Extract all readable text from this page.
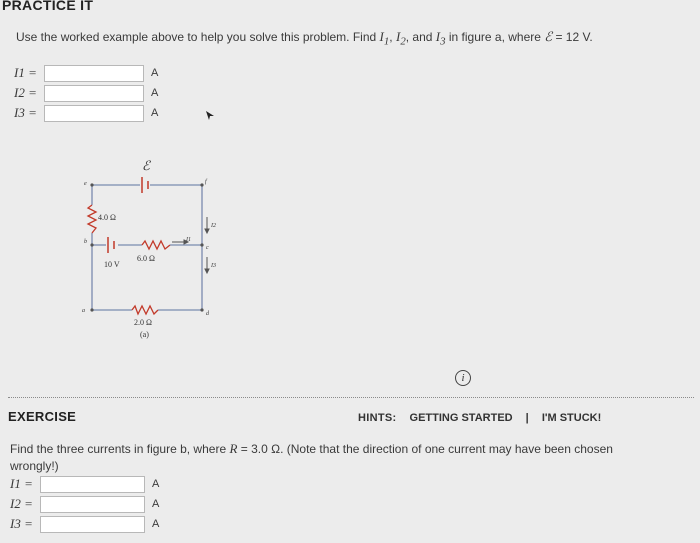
PRACTICE IT
Use the worked example above to help you solve this problem. Find $I_1$, $I_2$, and $I_3$ in figure a, where ℰ = 12 V.
I1 =	A
I2 =	A
I3 =	A
ℰ
4.0 Ω
10 V
6.0 Ω
2.0 Ω
(a)
I1
I2
I3
a
b
c
d
e	f
i
EXERCISE	HINTS: GETTING STARTED | I'M STUCK!
Find the three currents in figure b, where R = 3.0 Ω. (Note that the direction of one current may have been chosen wrongly!)
I1 =	A
I2 =	A
I3 =	A
